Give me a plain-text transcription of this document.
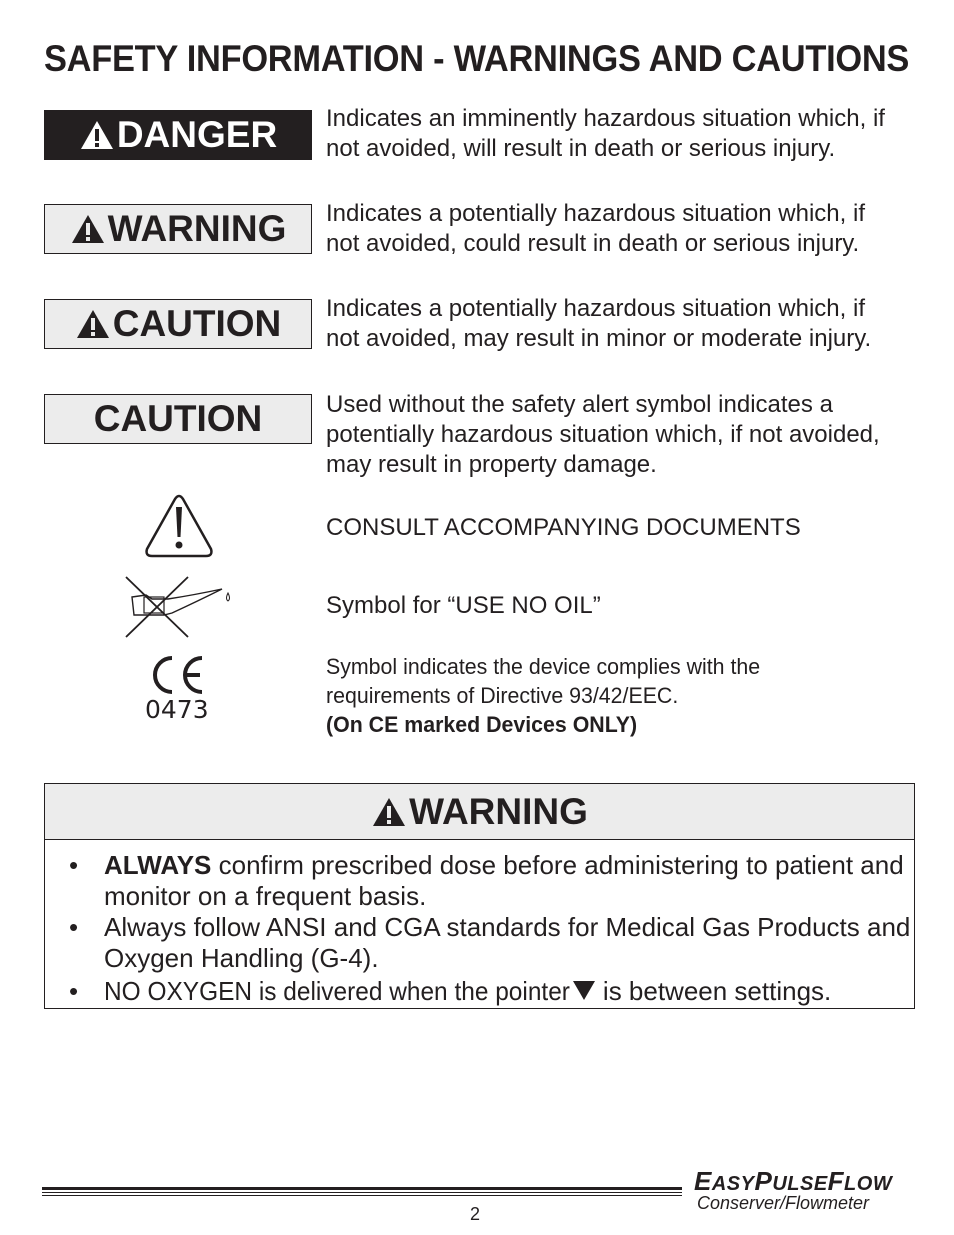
SAFETY INFORMATION - WARNINGS AND CAUTIONS
DANGER Indicates an imminently hazardous situation which, if not avoided, will result in death or serious injury.
WARNING Indicates a potentially hazardous situation which, if not avoided, could result in death or serious injury.
CAUTION Indicates a potentially hazardous situation which, if not avoided, may result in minor or moderate injury.
CAUTION	Used without the safety alert symbol indicates a potentially hazardous situation which, if not avoided, may result in property damage.
CONSULT ACCOMPANYING DOCUMENTS
Symbol for “USE NO OIL”
0473
Symbol indicates the device complies with the
requirements of Directive 93/42/EEC.
(On CE marked Devices ONLY)
WARNING
• ALWAYS confirm prescribed dose before administering to patient and monitor on a frequent basis.
• Always follow ANSI and CGA standards for Medical Gas Products and Oxygen Handling (G-4).
• NO OXYGEN is delivered when the pointer is between settings.
EASYPULSEFLOW
Conserver/Flowmeter
2
